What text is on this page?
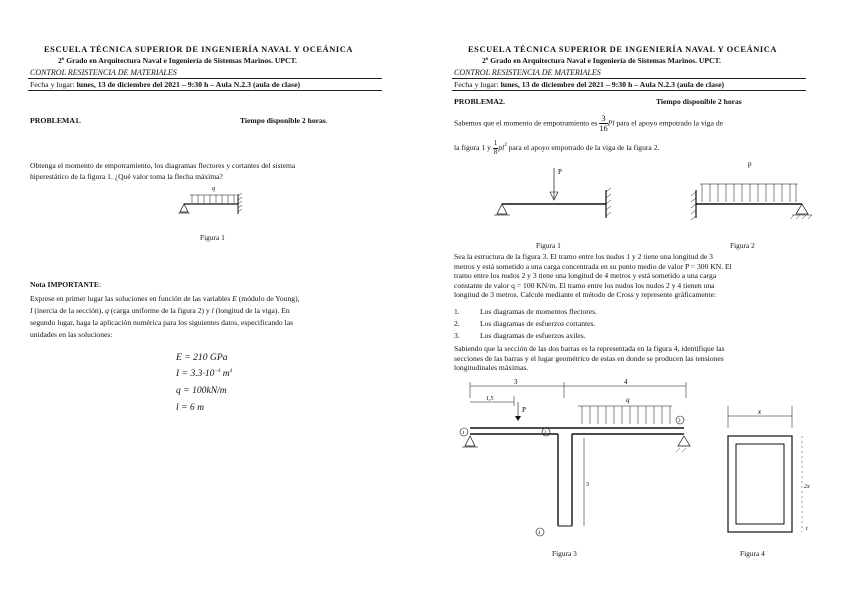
ESCUELA TÉCNICA SUPERIOR DE INGENIERÍA NAVAL Y OCEÁNICA
2º Grado en Arquitectura Naval e Ingeniería de Sistemas Marinos. UPCT.
CONTROL RESISTENCIA DE MATERIALES
Fecha y lugar: lunes, 13 de diciembre del 2021 – 9:30 h – Aula N.2.3 (aula de clase)
PROBLEMA1.	Tiempo disponible 2 horas.
Obtenga el momento de empotramiento, los diagramas flectores y cortantes del sistema
hiperestático de la figura 1. ¿Qué valor toma la flecha máxima?
q
Figura 1
Nota IMPORTANTE:
Exprese en primer lugar las soluciones en función de las variables E (módulo de Young),
I (inercia de la sección), q (carga uniforme de la figura 2) y l (longitud de la viga). En
segundo lugar, haga la aplicación numérica para los siguientes datos, especificando las
unidades en las soluciones:
E = 210 GPa
$I = 3.3\cdot 10^{-4}$ $m^4$
q = 100kN/m
l = 6 m
ESCUELA TÉCNICA SUPERIOR DE INGENIERÍA NAVAL Y OCEÁNICA
2º Grado en Arquitectura Naval e Ingeniería de Sistemas Marinos. UPCT.
CONTROL RESISTENCIA DE MATERIALES
Fecha y lugar: lunes, 13 de diciembre del 2021 – 9:30 h – Aula N.2.3 (aula de clase)
PROBLEMA2.	Tiempo disponible 2 horas
Sabemos que el momento de empotramiento es $\frac{3}{16}$ Pl para el apoyo empotrado la viga de
la figura 1 y $\frac{1}{8} pl^2$ para el apoyo empotrado de la viga de la figura 2.
P
p
Figura 1	Figura 2
Sea la estructura de la figura 3. El tramo entre los nudos 1 y 2 tiene una longitud de 3
metros y está sometido a una carga concentrada en su punto medio de valor P = 300 KN. El
tramo entre los nudos 2 y 3 tiene una longitud de 4 metros y está sometido a una carga
constante de valor q = 100 KN/m. El tramo entre los nudos los nudos 2 y 4 tienen una
longitud de 3 metros. Calcule mediante el método de Cross y represente gráficamente:
1.	Los diagramas de momentos flectores.
2.	Los diagramas de esfuerzos cortantes.
3.	Los diagramas de esfuerzos axiles.
Sabiendo que la sección de las dos barras es la representada en la figura 4, identifique las
secciones de las barras y el lugar geométrico de estas en donde se producen las tensiones
longitudinales máximas.
3	4
1,5
P
q
1	2
3
4
3
x
2x
t
Figura 3	Figura 4
